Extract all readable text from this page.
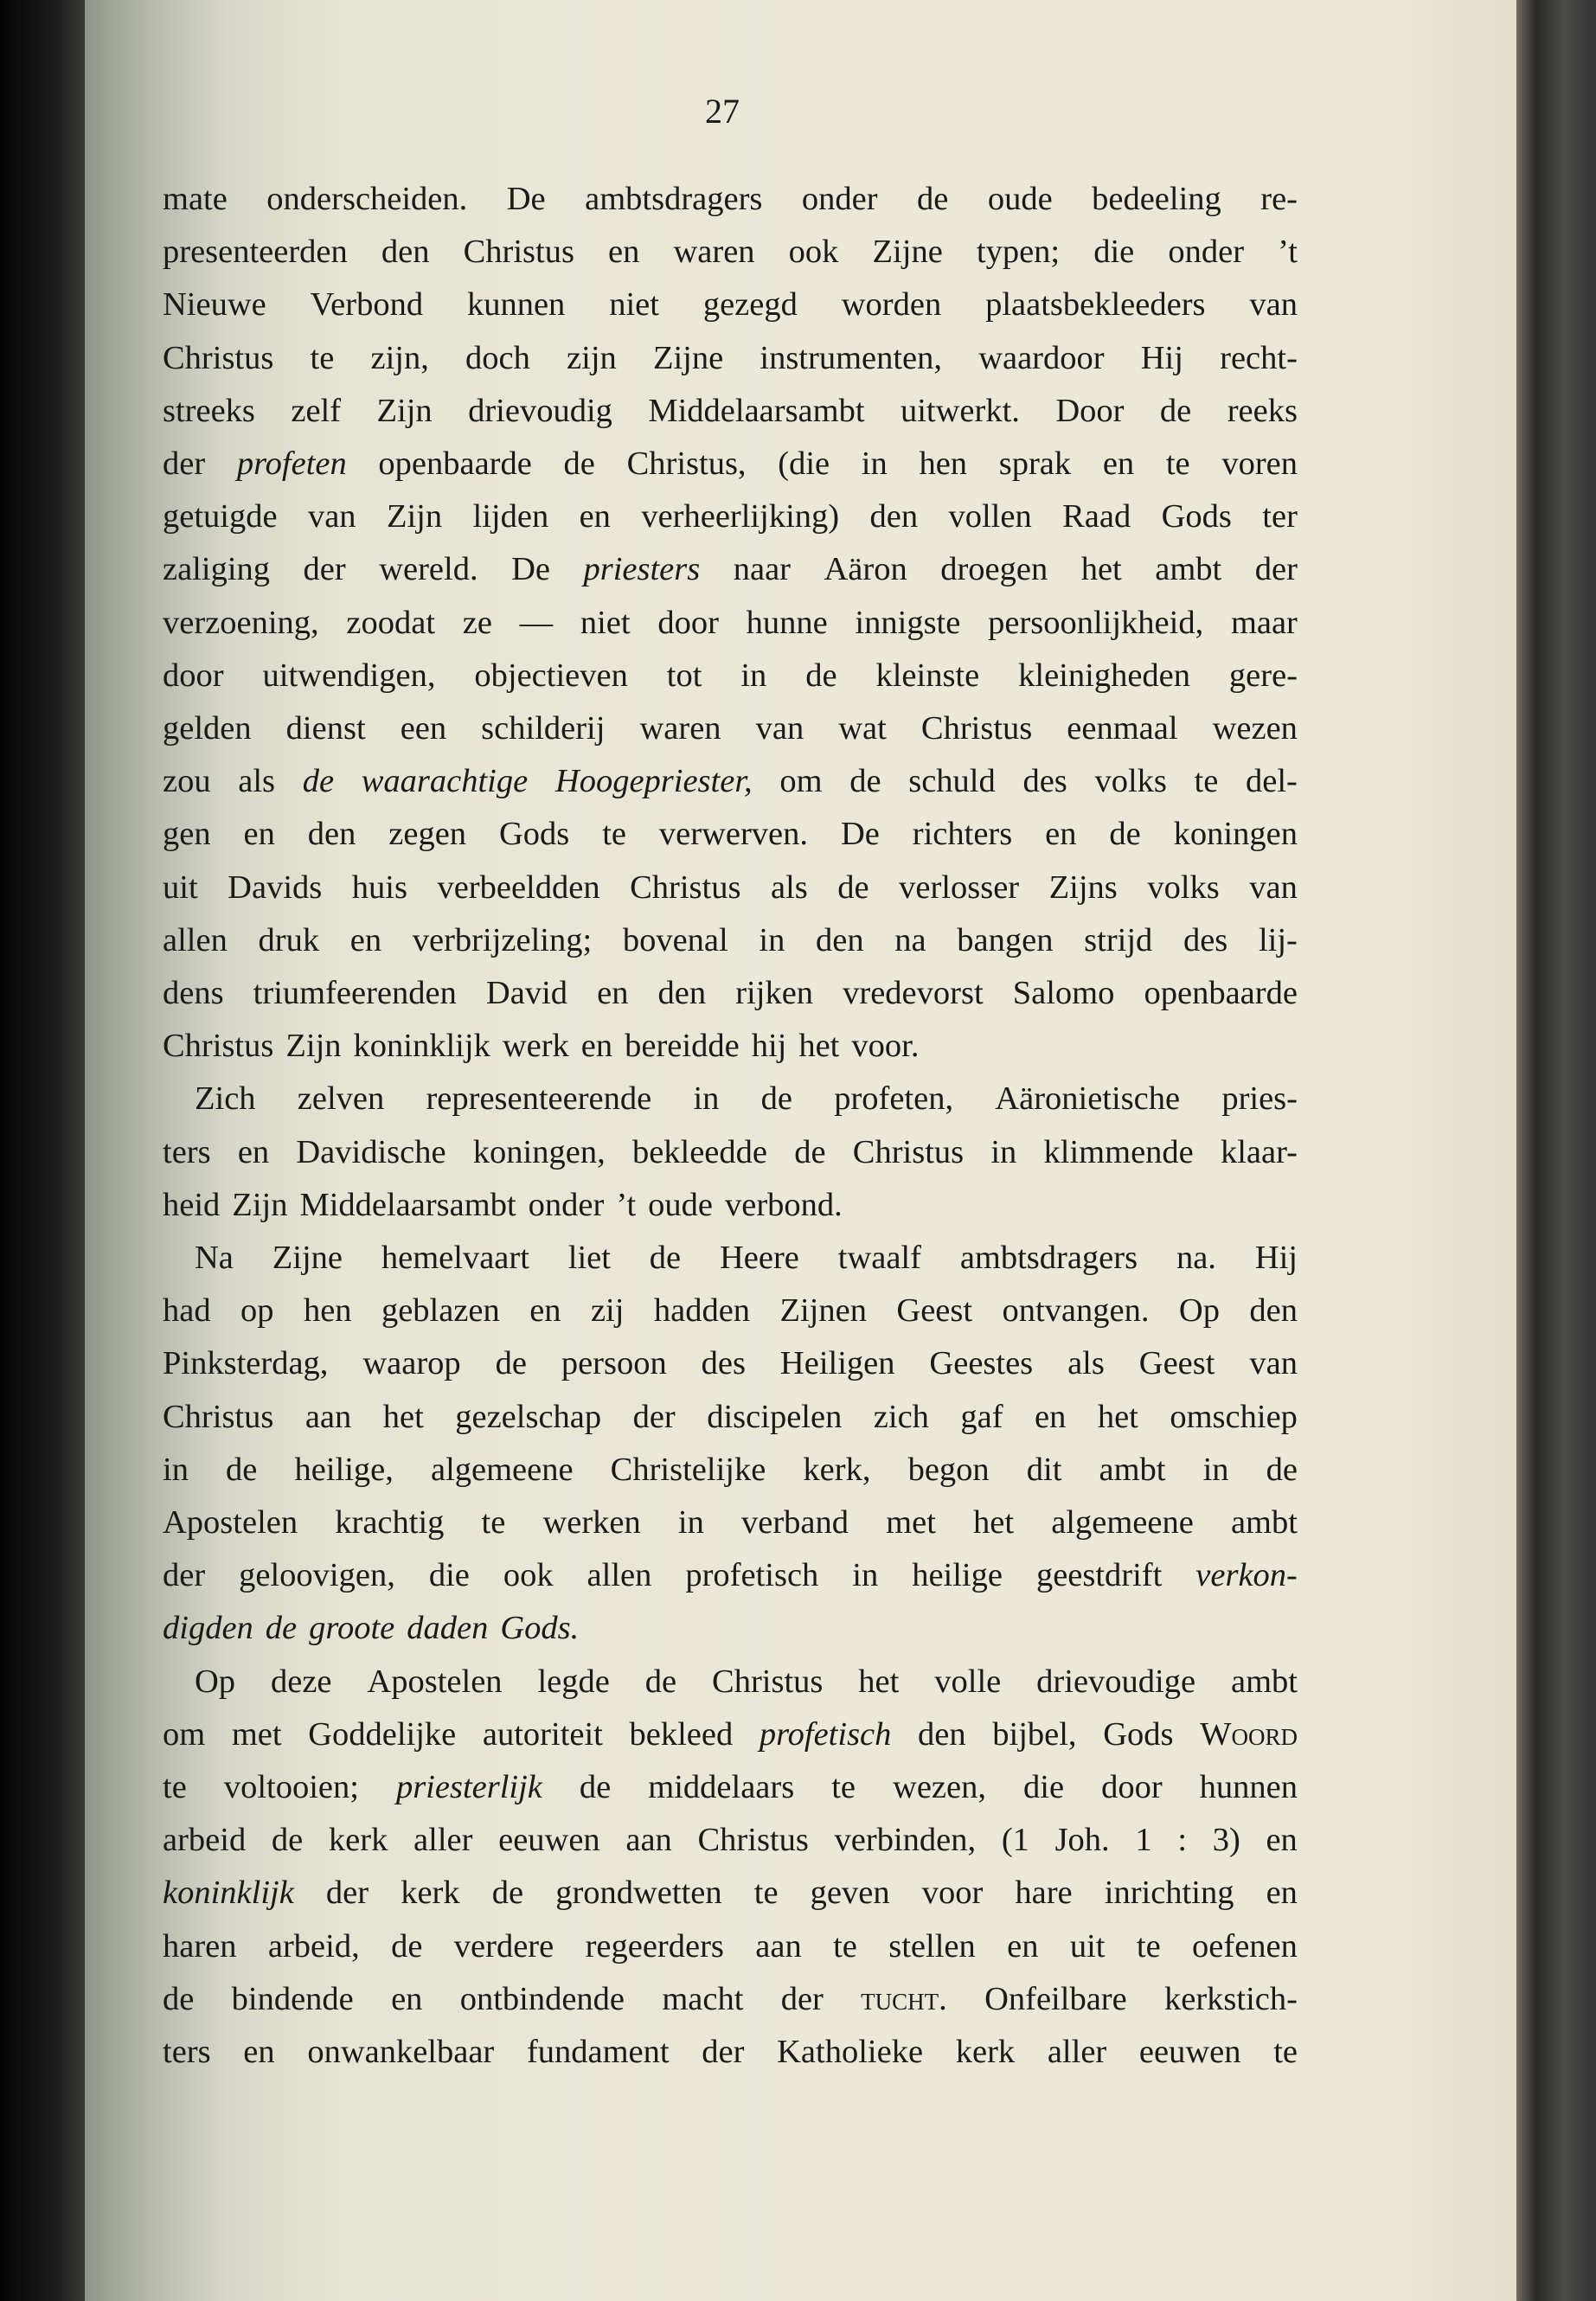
27
mate onderscheiden. De ambtsdragers onder de oude bedeeling re-
presenteerden den Christus en waren ook Zijne typen; die onder ’t
Nieuwe Verbond kunnen niet gezegd worden plaatsbekleeders van
Christus te zijn, doch zijn Zijne instrumenten, waardoor Hij recht-
streeks zelf Zijn drievoudig Middelaarsambt uitwerkt. Door de reeks
der profeten openbaarde de Christus, (die in hen sprak en te voren
getuigde van Zijn lijden en verheerlijking) den vollen Raad Gods ter
zaliging der wereld. De priesters naar Aäron droegen het ambt der
verzoening, zoodat ze — niet door hunne innigste persoonlijkheid, maar
door uitwendigen, objectieven tot in de kleinste kleinigheden gere-
gelden dienst een schilderij waren van wat Christus eenmaal wezen
zou als de waarachtige Hoogepriester, om de schuld des volks te del-
gen en den zegen Gods te verwerven. De richters en de koningen
uit Davids huis verbeeldden Christus als de verlosser Zijns volks van
allen druk en verbrijzeling; bovenal in den na bangen strijd des lij-
dens triumfeerenden David en den rijken vredevorst Salomo openbaarde
Christus Zijn koninklijk werk en bereidde hij het voor.
Zich zelven representeerende in de profeten, Aäronietische pries-
ters en Davidische koningen, bekleedde de Christus in klimmende klaar-
heid Zijn Middelaarsambt onder ’t oude verbond.
Na Zijne hemelvaart liet de Heere twaalf ambtsdragers na. Hij
had op hen geblazen en zij hadden Zijnen Geest ontvangen. Op den
Pinksterdag, waarop de persoon des Heiligen Geestes als Geest van
Christus aan het gezelschap der discipelen zich gaf en het omschiep
in de heilige, algemeene Christelijke kerk, begon dit ambt in de
Apostelen krachtig te werken in verband met het algemeene ambt
der geloovigen, die ook allen profetisch in heilige geestdrift verkon-
digden de groote daden Gods.
Op deze Apostelen legde de Christus het volle drievoudige ambt
om met Goddelijke autoriteit bekleed profetisch den bijbel, Gods Woord
te voltooien; priesterlijk de middelaars te wezen, die door hunnen
arbeid de kerk aller eeuwen aan Christus verbinden, (1 Joh. 1 : 3) en
koninklijk der kerk de grondwetten te geven voor hare inrichting en
haren arbeid, de verdere regeerders aan te stellen en uit te oefenen
de bindende en ontbindende macht der tucht. Onfeilbare kerkstich-
ters en onwankelbaar fundament der Katholieke kerk aller eeuwen te
